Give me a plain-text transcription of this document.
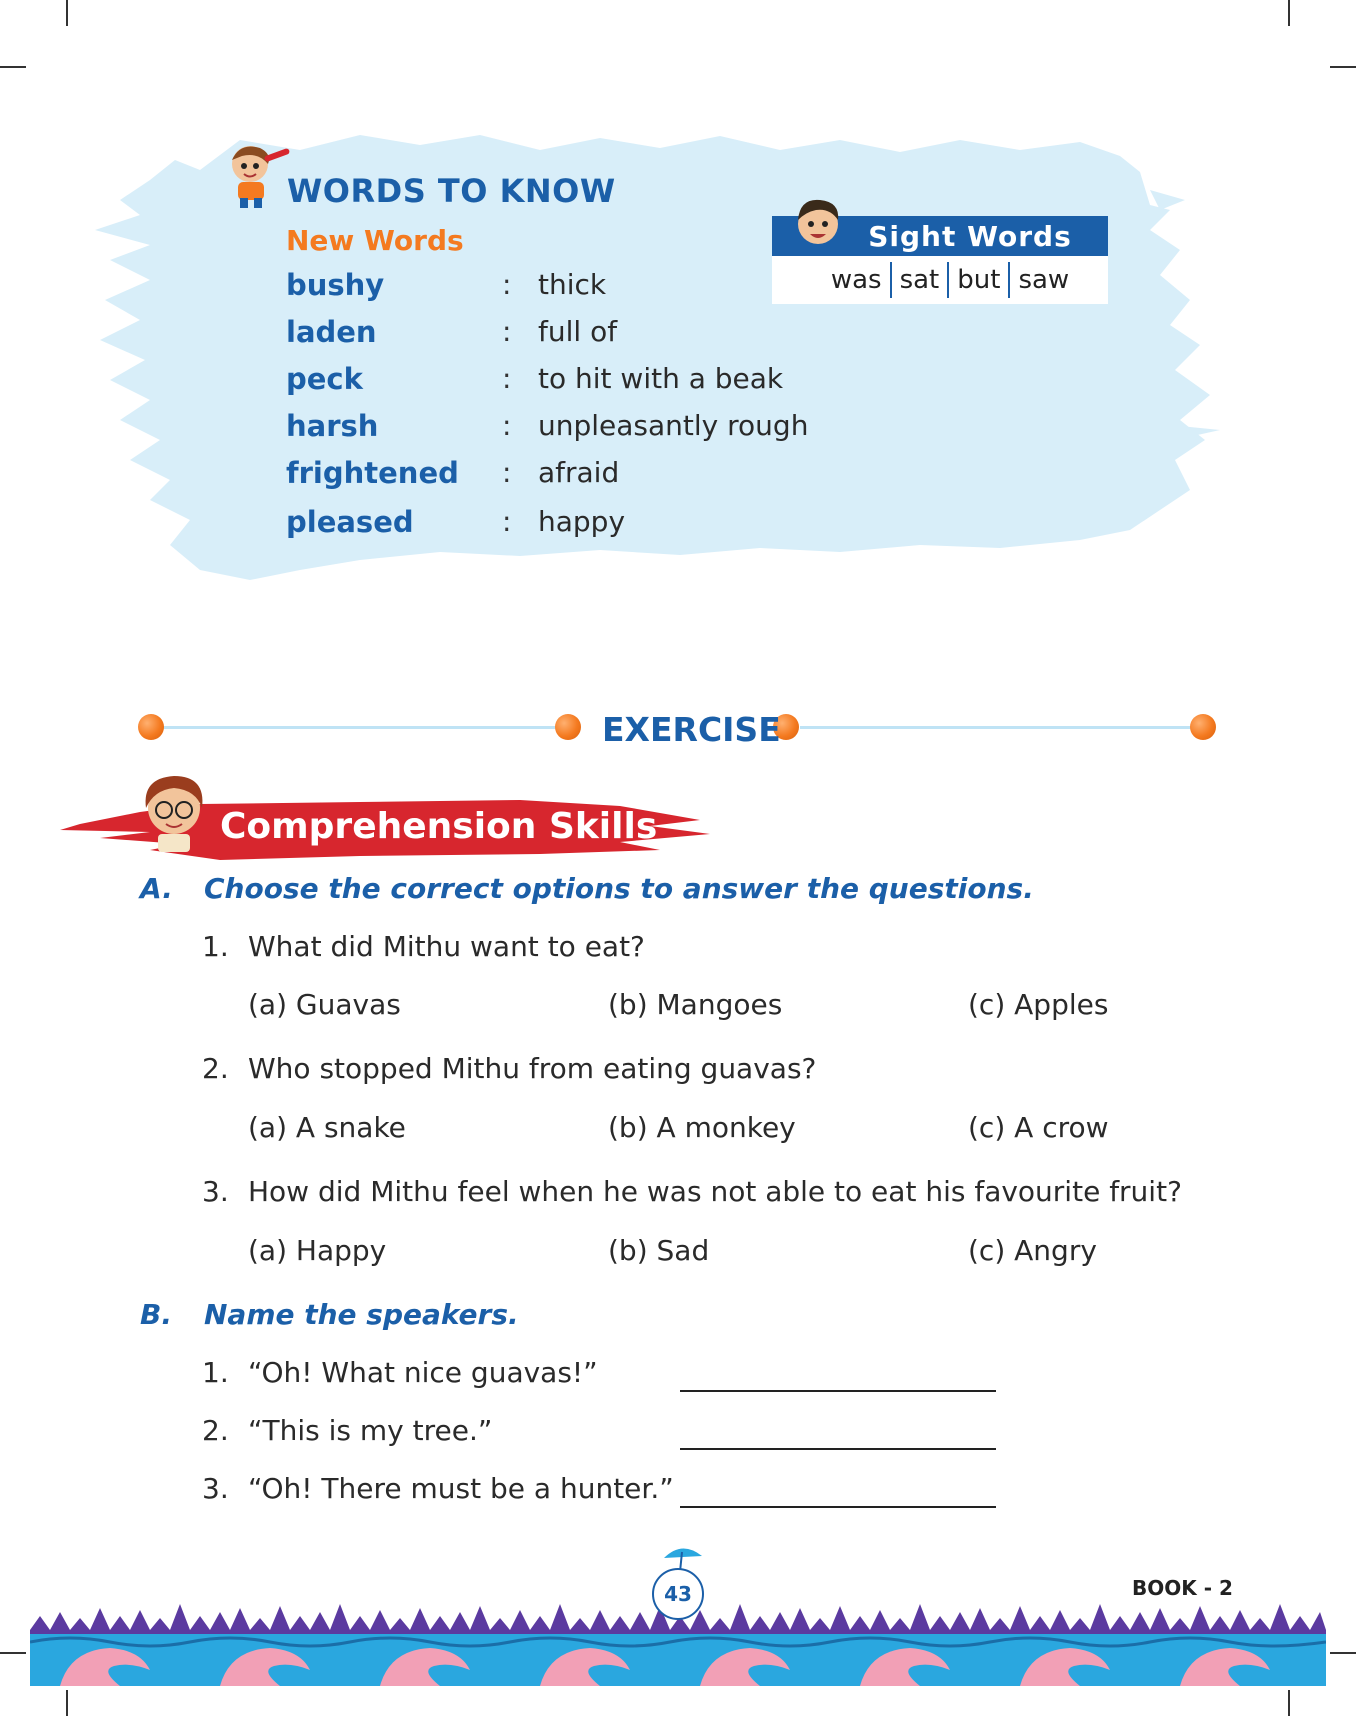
WORDS TO KNOW
New Words
bushy	: thick
laden	: full of
peck	: to hit with a beak
harsh	: unpleasantly rough
frightened : afraid
pleased	: happy
Sight Words
was sat but saw
EXERCISE
Comprehension Skills
A. Choose the correct options to answer the questions.
1. What did Mithu want to eat?
(a) Guavas	(b) Mangoes	(c) Apples
2. Who stopped Mithu from eating guavas?
(a) A snake	(b) A monkey	(c) A crow
3. How did Mithu feel when he was not able to eat his favourite fruit?
(a) Happy	(b) Sad	(c) Angry
B. Name the speakers.
1. “Oh! What nice guavas!”
2. “This is my tree.”
3. “Oh! There must be a hunter.”
43	BOOK - 2
